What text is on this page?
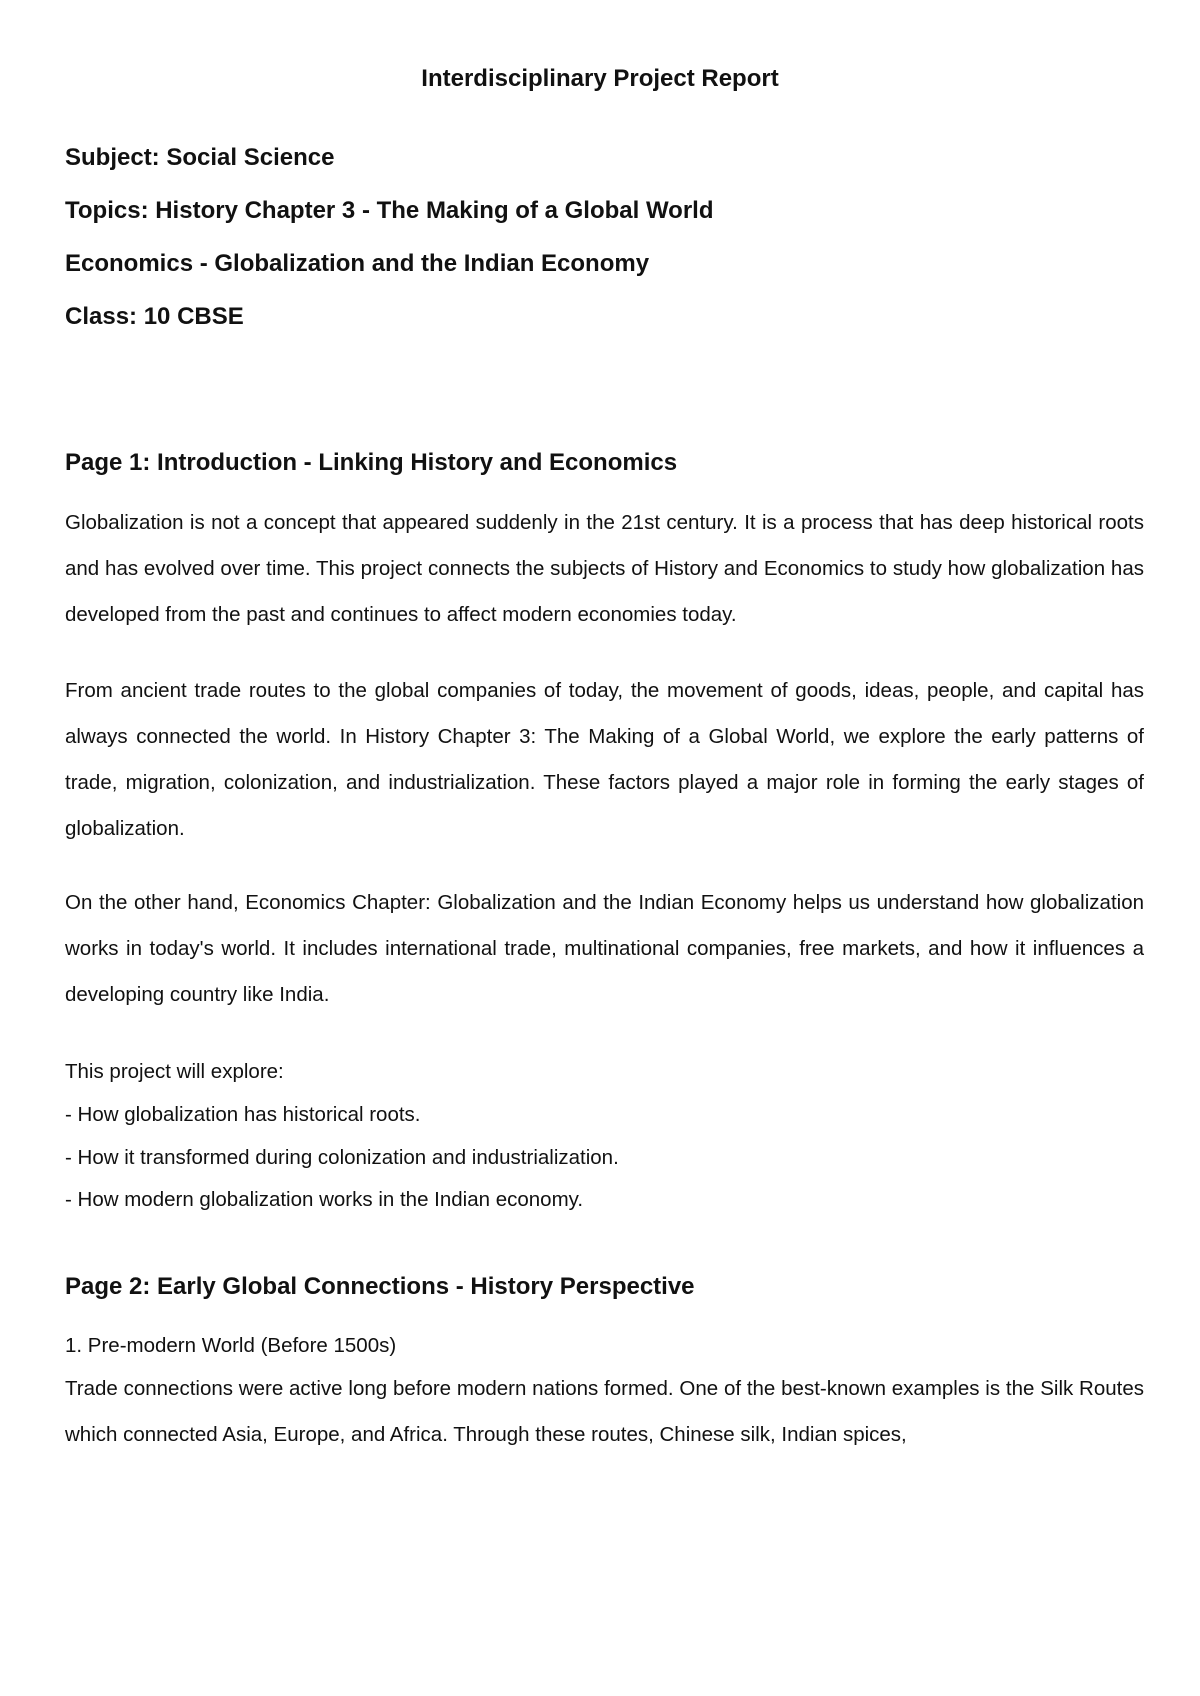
Interdisciplinary Project Report
Subject: Social Science
Topics: History Chapter 3 - The Making of a Global World
Economics - Globalization and the Indian Economy
Class: 10 CBSE
Page 1: Introduction - Linking History and Economics
Globalization is not a concept that appeared suddenly in the 21st century. It is a process that has deep historical roots and has evolved over time. This project connects the subjects of History and Economics to study how globalization has developed from the past and continues to affect modern economies today.
From ancient trade routes to the global companies of today, the movement of goods, ideas, people, and capital has always connected the world. In History Chapter 3: The Making of a Global World, we explore the early patterns of trade, migration, colonization, and industrialization. These factors played a major role in forming the early stages of globalization.
On the other hand, Economics Chapter: Globalization and the Indian Economy helps us understand how globalization works in today's world. It includes international trade, multinational companies, free markets, and how it influences a developing country like India.
This project will explore:
- How globalization has historical roots.
- How it transformed during colonization and industrialization.
- How modern globalization works in the Indian economy.
Page 2: Early Global Connections - History Perspective
1. Pre-modern World (Before 1500s)
Trade connections were active long before modern nations formed. One of the best-known examples is the Silk Routes which connected Asia, Europe, and Africa. Through these routes, Chinese silk, Indian spices,
